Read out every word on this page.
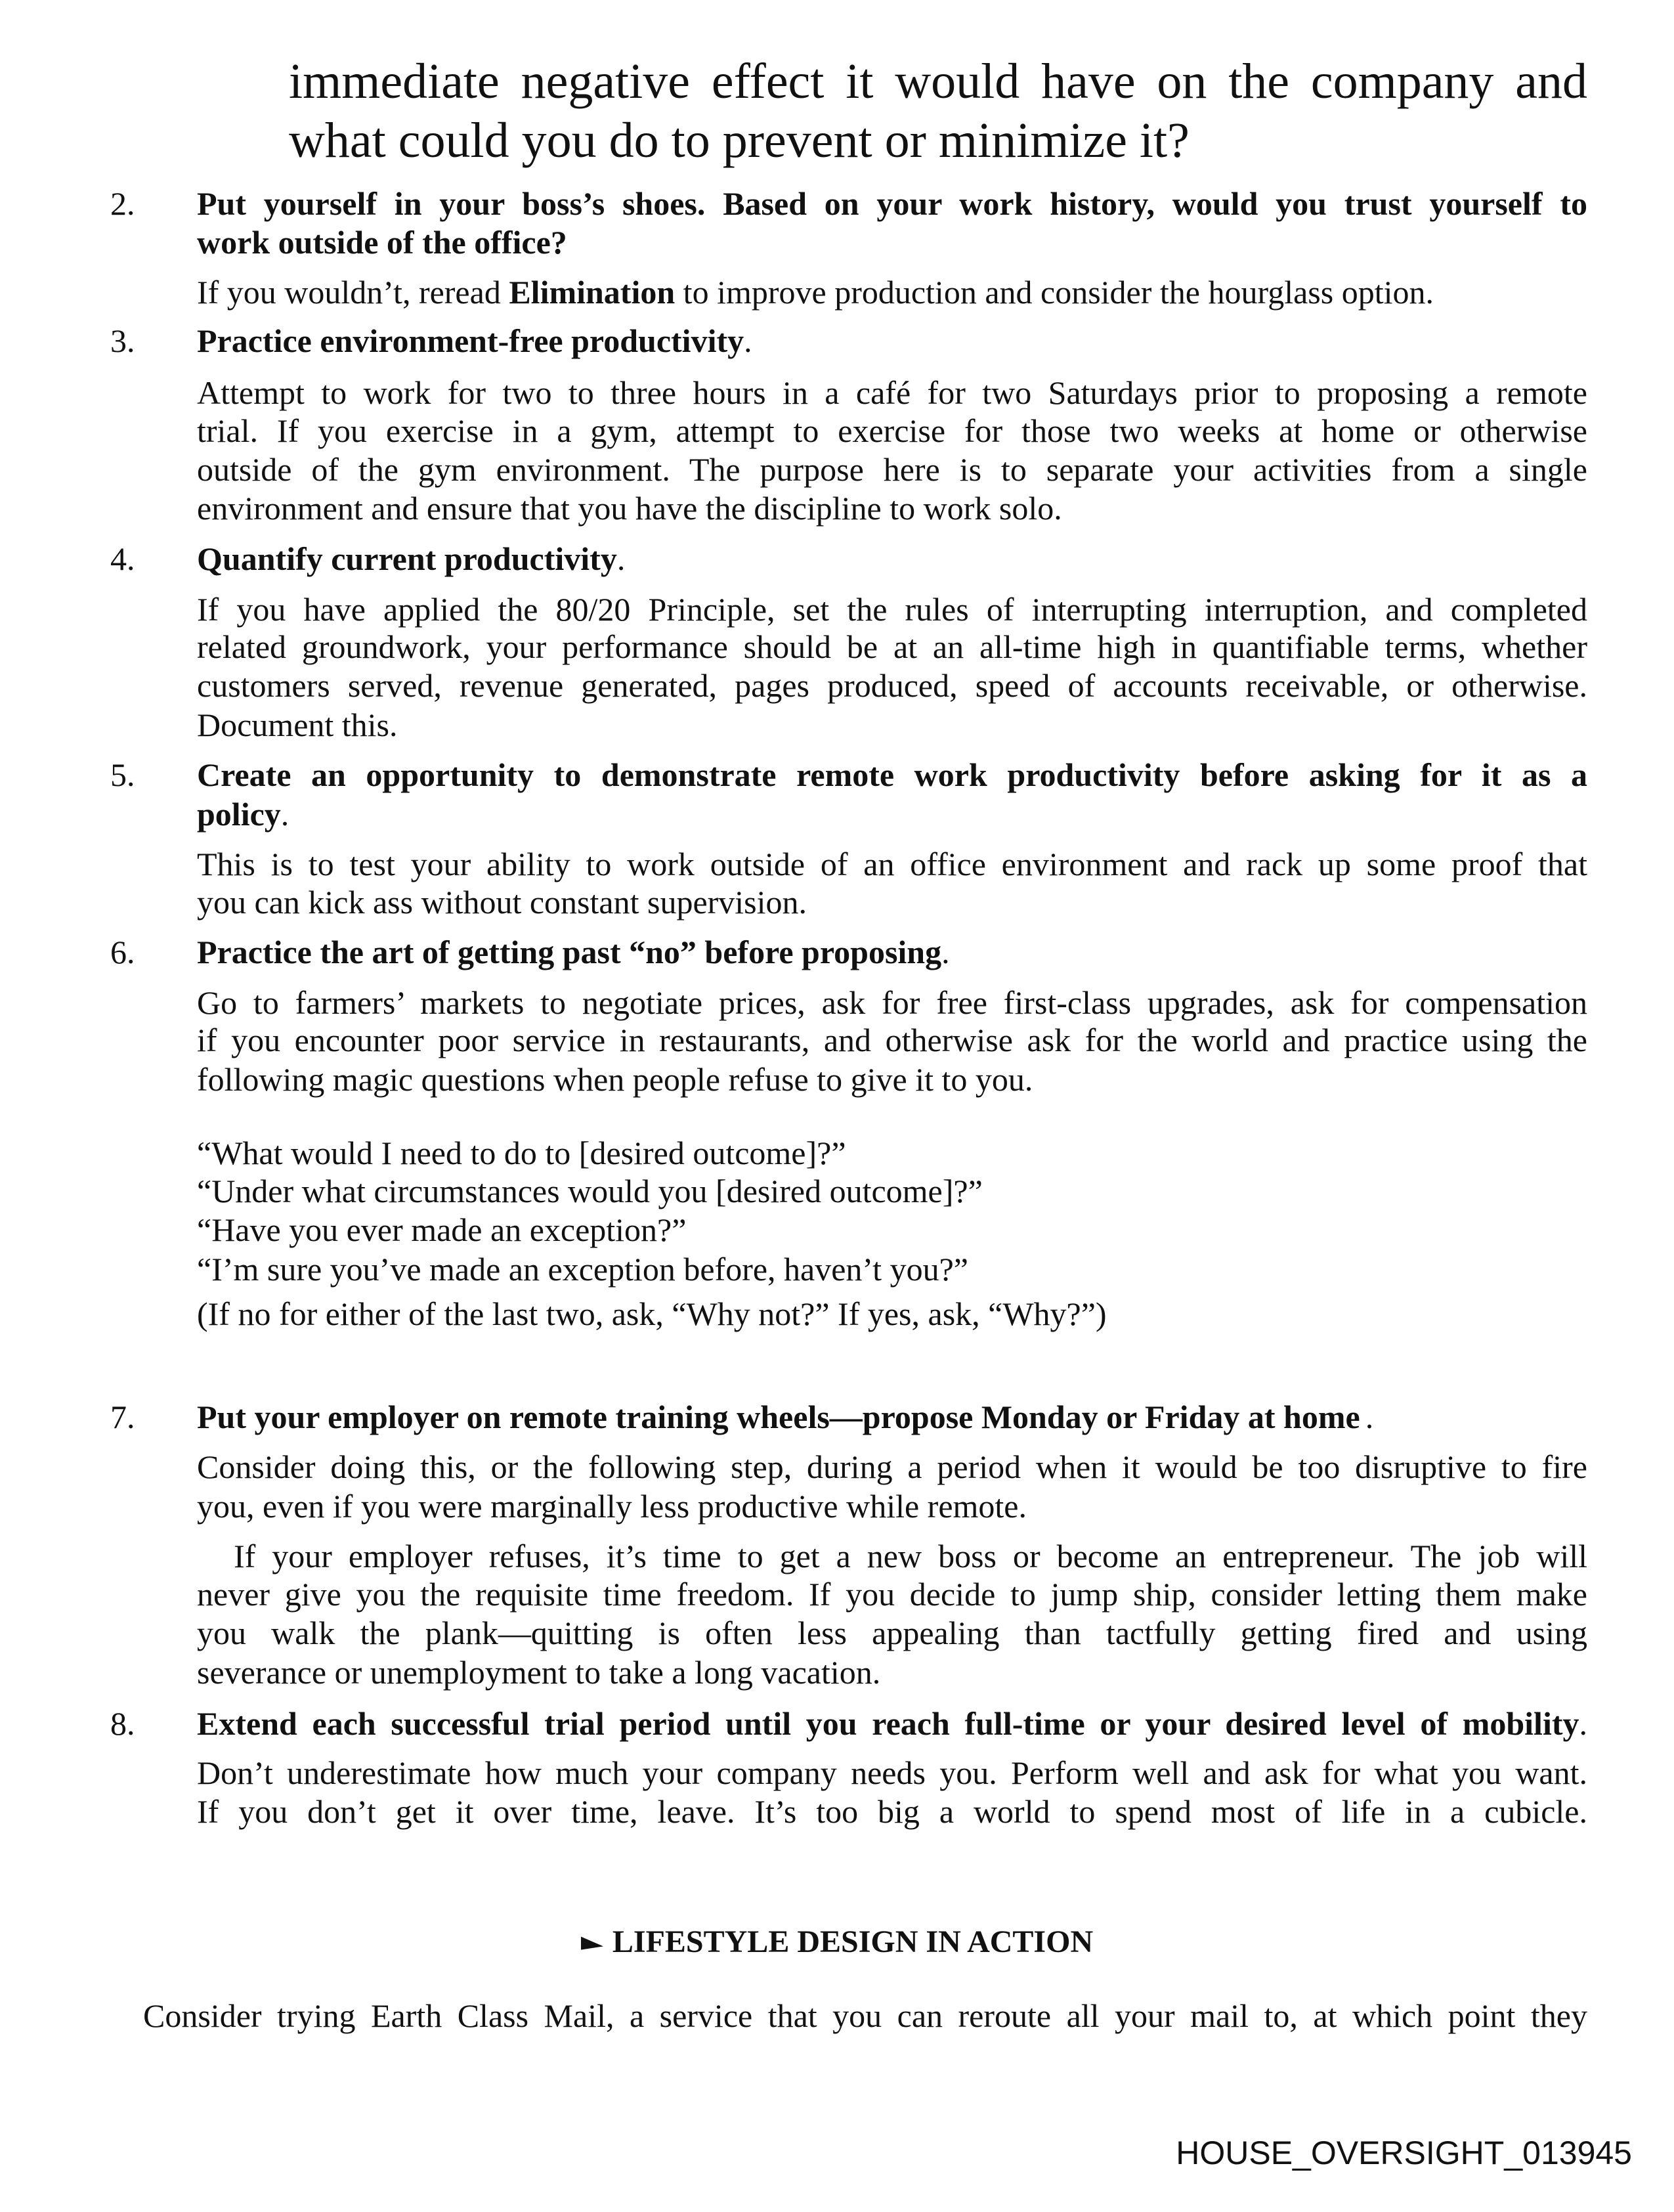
immediate negative effect it would have on the company and
what could you do to prevent or minimize it?
2. Put yourself in your boss’s shoes. Based on your work history, would you trust yourself to
work outside of the office?
If you wouldn’t, reread Elimination to improve production and consider the hourglass option.
3. Practice environment-free productivity.
Attempt to work for two to three hours in a café for two Saturdays prior to proposing a remote
trial. If you exercise in a gym, attempt to exercise for those two weeks at home or otherwise
outside of the gym environment. The purpose here is to separate your activities from a single
environment and ensure that you have the discipline to work solo.
4. Quantify current productivity.
If you have applied the 80/20 Principle, set the rules of interrupting interruption, and completed
related groundwork, your performance should be at an all-time high in quantifiable terms, whether
customers served, revenue generated, pages produced, speed of accounts receivable, or otherwise.
Document this.
5. Create an opportunity to demonstrate remote work productivity before asking for it as a
policy.
This is to test your ability to work outside of an office environment and rack up some proof that
you can kick ass without constant supervision.
6. Practice the art of getting past “no” before proposing.
Go to farmers’ markets to negotiate prices, ask for free first-class upgrades, ask for compensation
if you encounter poor service in restaurants, and otherwise ask for the world and practice using the
following magic questions when people refuse to give it to you.
“What would I need to do to [desired outcome]?”
“Under what circumstances would you [desired outcome]?”
“Have you ever made an exception?”
“I’m sure you’ve made an exception before, haven’t you?”
(If no for either of the last two, ask, “Why not?” If yes, ask, “Why?”)
7. Put your employer on remote training wheels—propose Monday or Friday at home .
Consider doing this, or the following step, during a period when it would be too disruptive to fire
you, even if you were marginally less productive while remote.
If your employer refuses, it’s time to get a new boss or become an entrepreneur. The job will
never give you the requisite time freedom. If you decide to jump ship, consider letting them make
you walk the plank—quitting is often less appealing than tactfully getting fired and using
severance or unemployment to take a long vacation.
8. Extend each successful trial period until you reach full-time or your desired level of mobility.
Don’t underestimate how much your company needs you. Perform well and ask for what you want.
If you don’t get it over time, leave. It’s too big a world to spend most of life in a cubicle.
LIFESTYLE DESIGN IN ACTION
Consider trying Earth Class Mail, a service that you can reroute all your mail to, at which point they
HOUSE_OVERSIGHT_013945
